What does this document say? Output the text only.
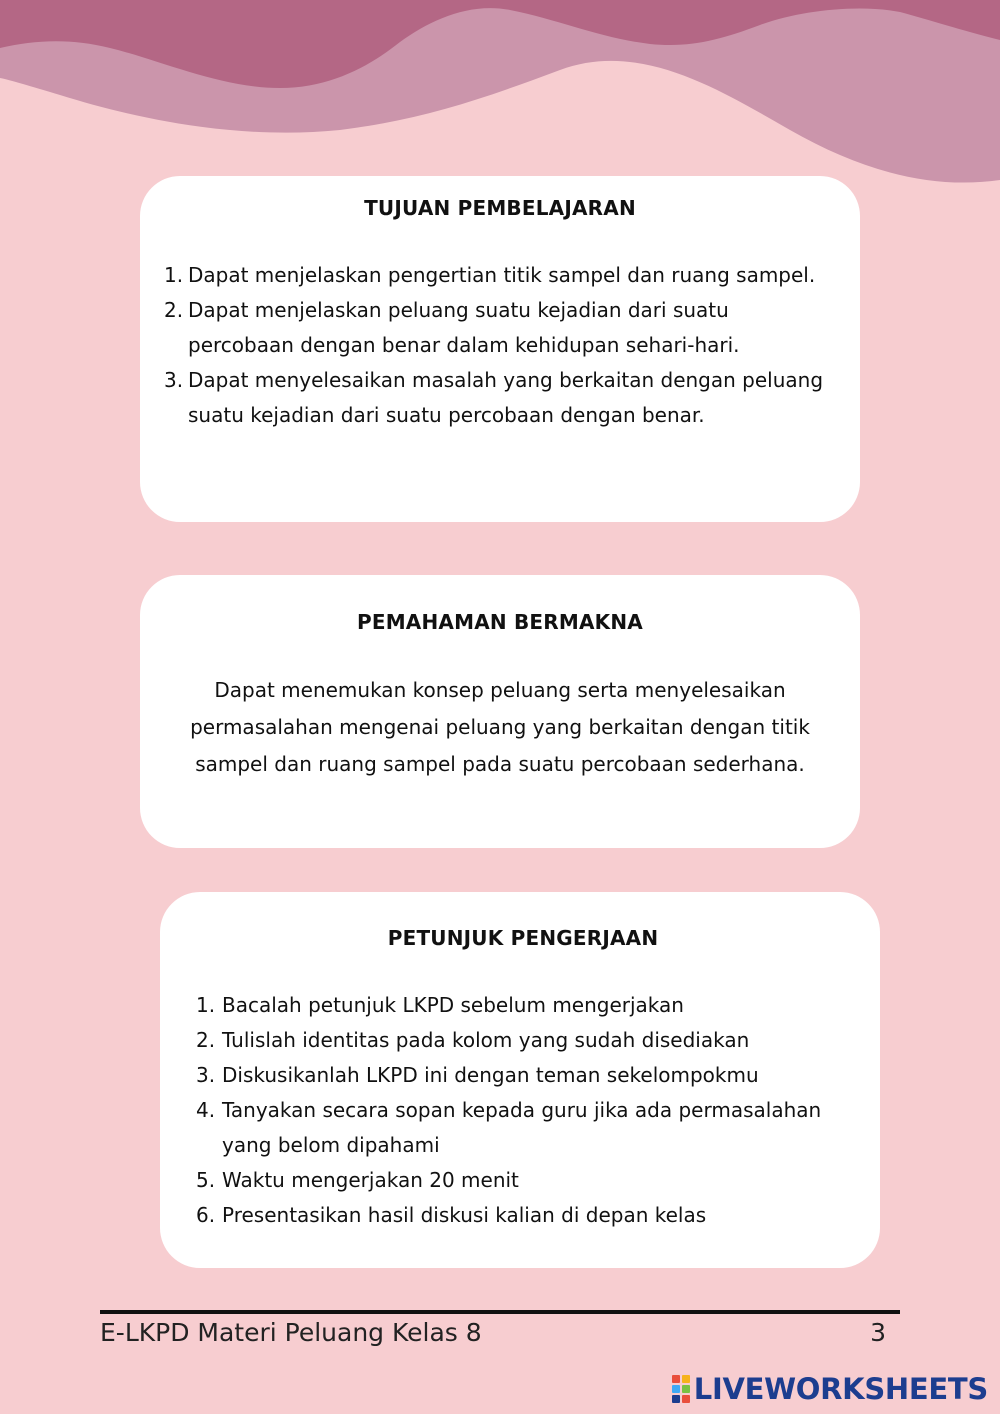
TUJUAN PEMBELAJARAN
1. Dapat menjelaskan pengertian titik sampel dan ruang sampel.
2. Dapat menjelaskan peluang suatu kejadian dari suatu percobaan dengan benar dalam kehidupan sehari-hari.
3. Dapat menyelesaikan masalah yang berkaitan dengan peluang suatu kejadian dari suatu percobaan dengan benar.
PEMAHAMAN BERMAKNA

Dapat menemukan konsep peluang serta menyelesaikan permasalahan mengenai peluang yang berkaitan dengan titik sampel dan ruang sampel pada suatu percobaan sederhana.

PETUNJUK PENGERJAAN
1. Bacalah petunjuk LKPD sebelum mengerjakan
2. Tulislah identitas pada kolom yang sudah disediakan
3. Diskusikanlah LKPD ini dengan teman sekelompokmu
4. Tanyakan secara sopan kepada guru jika ada permasalahan yang belom dipahami
5. Waktu mengerjakan 20 menit
6. Presentasikan hasil diskusi kalian di depan kelas
E-LKPD Materi Peluang Kelas 8	3
LIVEWORKSHEETS
